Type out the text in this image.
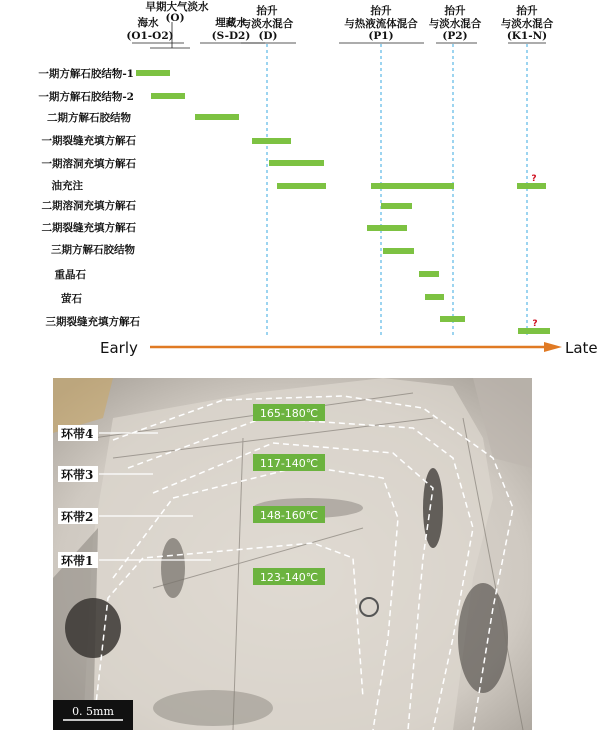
早期大气淡水
(O)
海水
(O1-O2)
埋藏水
(S-D2)
抬升
与淡水混合
(D)
抬升
与热液流体混合
(P1)
抬升
与淡水混合
(P2)
抬升
与淡水混合
(K1-N)
一期方解石胶结物-1
一期方解石胶结物-2
二期方解石胶结物
一期裂缝充填方解石
一期溶洞充填方解石
油充注
二期溶洞充填方解石
二期裂缝充填方解石
三期方解石胶结物
重晶石
萤石
三期裂缝充填方解石
?
?
Early	Late
0. 5mm
环带4
环带3
环带2
环带1
165-180℃
117-140℃
148-160℃
123-140℃
